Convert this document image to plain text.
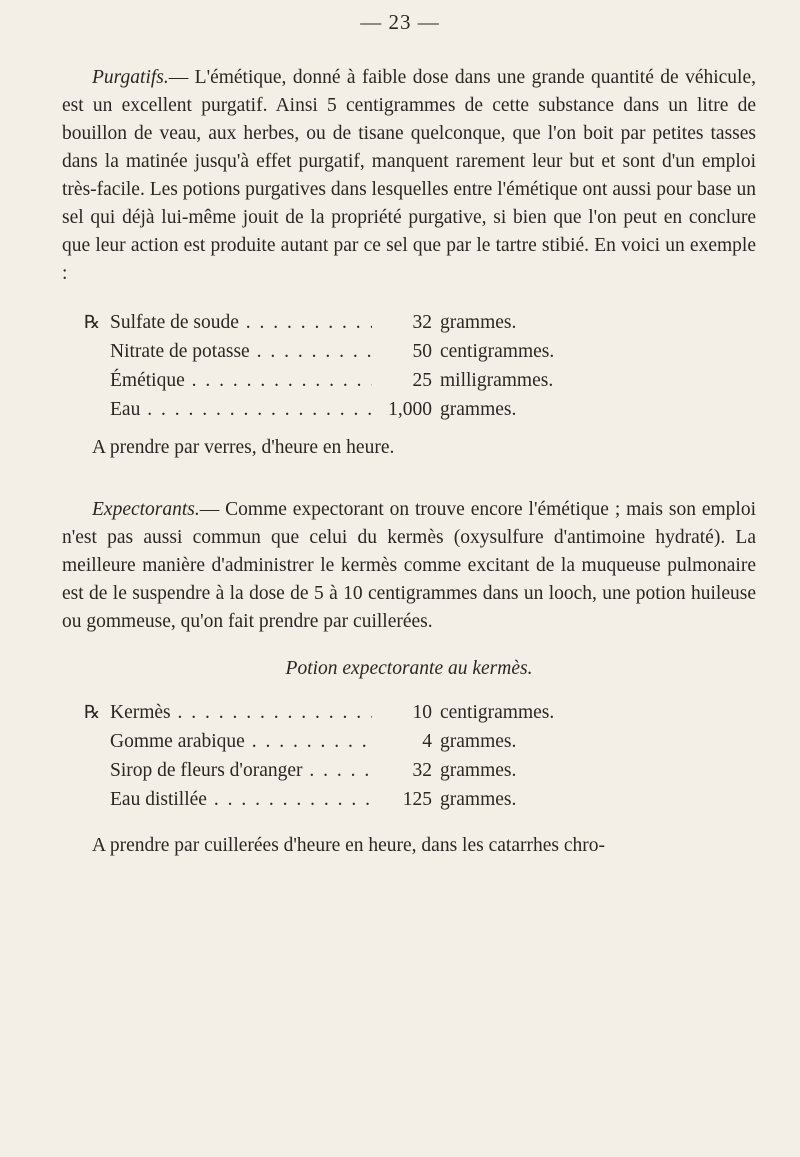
— 23 —

Purgatifs.— L'émétique, donné à faible dose dans une grande quantité de véhicule, est un excellent purgatif. Ainsi 5 centigrammes de cette substance dans un litre de bouillon de veau, aux herbes, ou de tisane quelconque, que l'on boit par petites tasses dans la matinée jusqu'à effet purgatif, manquent rarement leur but et sont d'un emploi très-facile. Les potions purgatives dans lesquelles entre l'émétique ont aussi pour base un sel qui déjà lui-même jouit de la propriété purgative, si bien que l'on peut en conclure que leur action est produite autant par ce sel que par le tartre stibié. En voici un exemple :

℞ Sulfate de soude . . .	32 grammes.
Nitrate de potasse . . .	50 centigrammes.
Émétique . . .	25 milligrammes.
Eau . . .	1,000 grammes.

A prendre par verres, d'heure en heure.

Expectorants.— Comme expectorant on trouve encore l'émétique ; mais son emploi n'est pas aussi commun que celui du kermès (oxysulfure d'antimoine hydraté). La meilleure manière d'administrer le kermès comme excitant de la muqueuse pulmonaire est de le suspendre à la dose de 5 à 10 centigrammes dans un looch, une potion huileuse ou gommeuse, qu'on fait prendre par cuillerées.

Potion expectorante au kermès.
℞ Kermès . . .	10 centigrammes.
Gomme arabique . . .	4 grammes.
Sirop de fleurs d'oranger . . .	32 grammes.
Eau distillée . . .	125 grammes.

A prendre par cuillerées d'heure en heure, dans les catarrhes chro-
